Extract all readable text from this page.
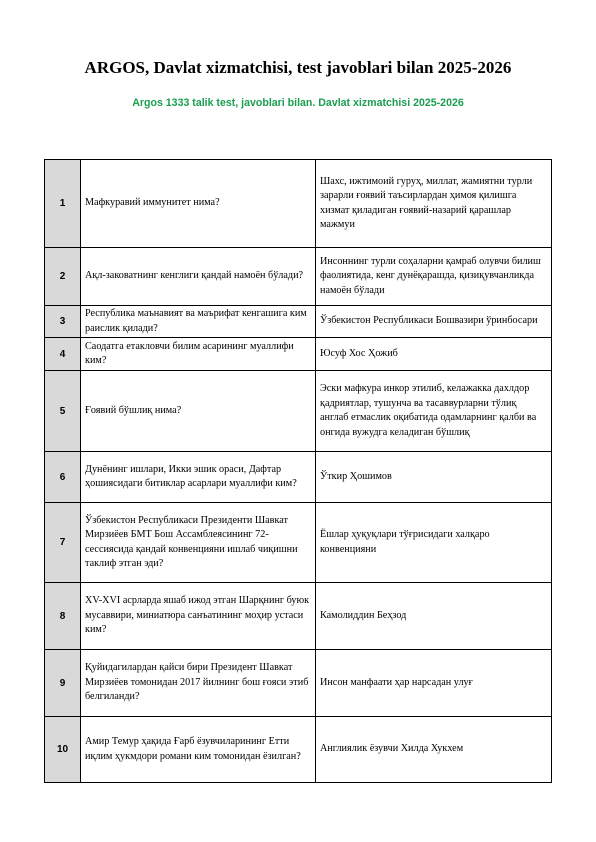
ARGOS, Davlat xizmatchisi, test javoblari bilan 2025-2026
Argos 1333 talik test, javoblari bilan. Davlat xizmatchisi 2025-2026
1	Мафкуравий иммунитет нима?	Шахс, ижтимоий гуруҳ, миллат, жамиятни турли зарарли ғоявий таъсирлардан ҳимоя қилишга хизмат қиладиган ғоявий-назарий қарашлар мажмуи
2	Ақл-заковатнинг кенглиги қандай намоён бўлади?	Инсоннинг турли соҳаларни қамраб олувчи билиш фаолиятида, кенг дунёқарашда, қизиқувчанликда намоён бўлади
3	Республика маънавият ва маърифат кенгашига ким раислик қилади?	Ўзбекистон Республикаси Бошвазири ўринбосари
4	Саодатга етакловчи билим асарининг муаллифи ким?	Юсуф Хос Ҳожиб
5	Ғоявий бўшлиқ нима?	Эски мафкура инкор этилиб, келажакка дахлдор қадриятлар, тушунча ва тасаввурларни тўлиқ англаб етмаслик оқибатида одамларнинг қалби ва онгида вужудга келадиган бўшлиқ
6	Дунёнинг ишлари, Икки эшик ораси, Дафтар ҳошиясидаги битиклар асарлари муаллифи ким?	Ўткир Ҳошимов
7	Ўзбекистон Республикаси Президенти Шавкат Мирзиёев БМТ Бош Ассамблеясининг 72-сессиясида қандай конвенцияни ишлаб чиқишни таклиф этган эди?	Ёшлар ҳуқуқлари тўғрисидаги халқаро конвенцияни
8	XV-XVI асрларда яшаб ижод этган Шарқнинг буюк мусаввири, миниатюра санъатининг моҳир устаси ким?	Камолиддин Беҳзод
9	Қуйидагилардан қайси бири Президент Шавкат Мирзиёев томонидан 2017 йилнинг бош ғояси этиб белгиланди?	Инсон манфаати ҳар нарсадан улуғ
10	Амир Темур ҳақида Ғарб ёзувчиларининг Етти иқлим ҳукмдори романи ким томонидан ёзилган?	Англиялик ёзувчи Хилда Хукхем
